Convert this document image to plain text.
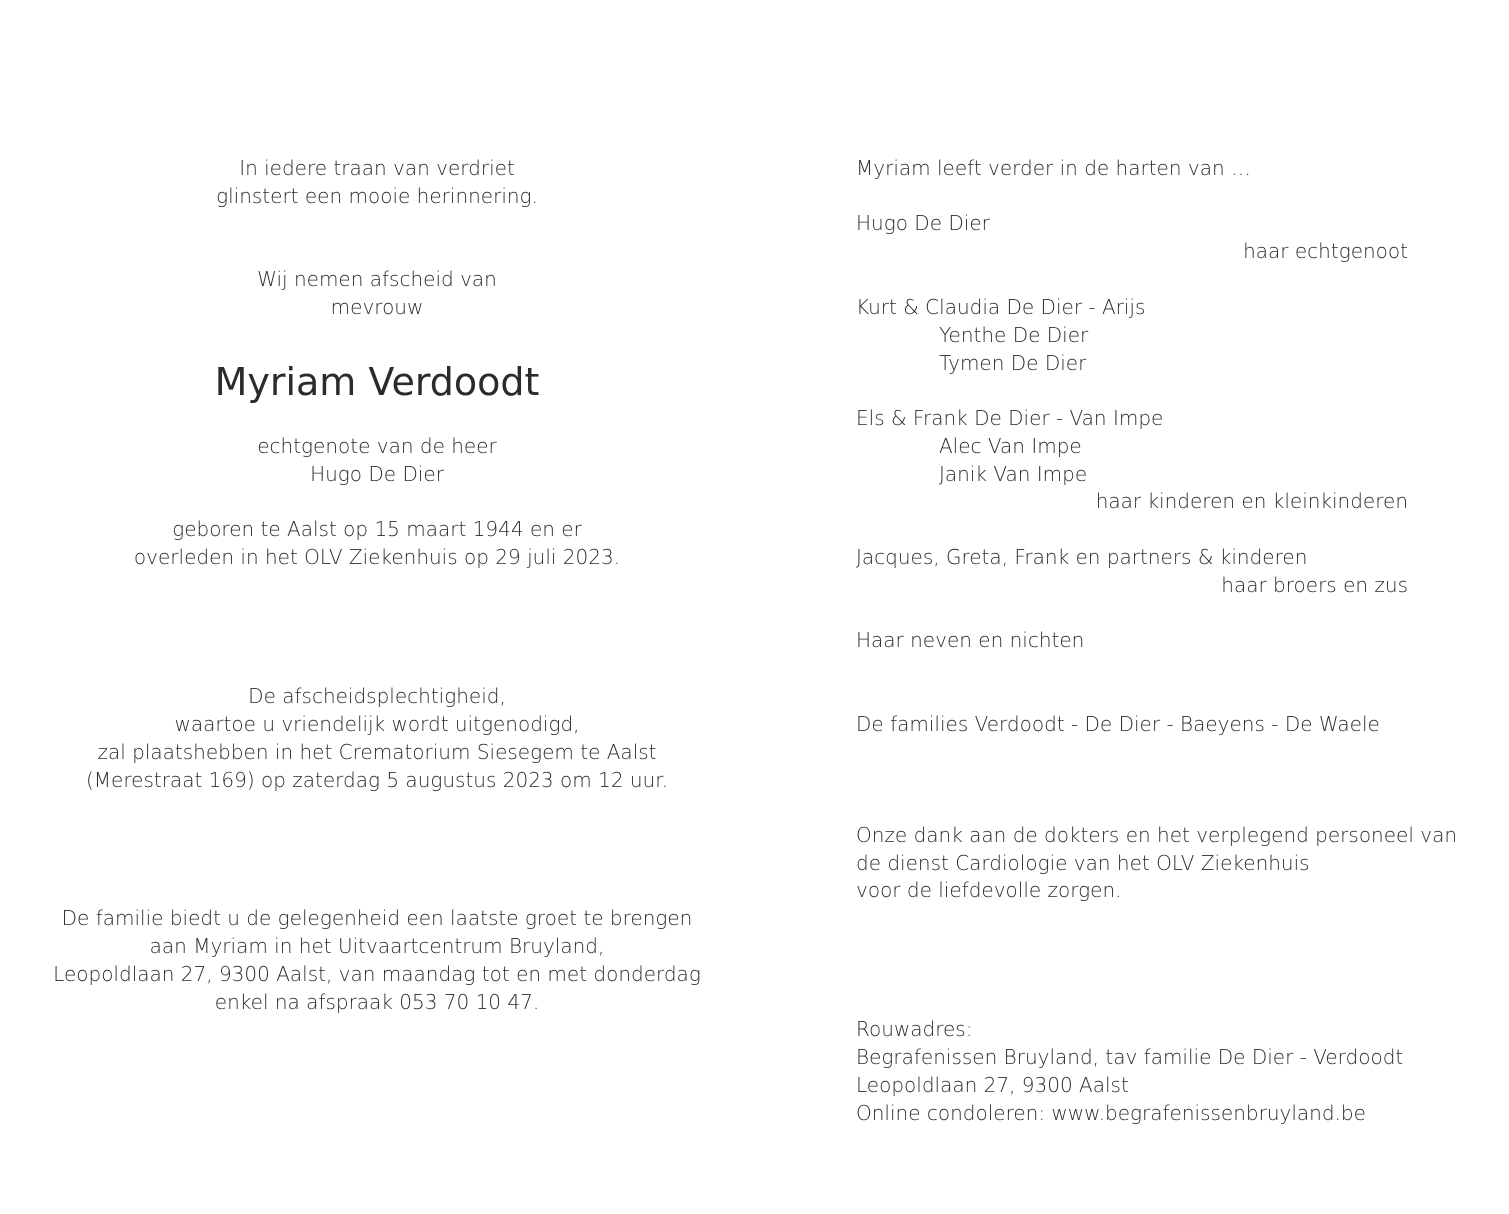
In iedere traan van verdriet
glinstert een mooie herinnering.
Wij nemen afscheid van
mevrouw
Myriam Verdoodt
echtgenote van de heer
Hugo De Dier
geboren te Aalst op 15 maart 1944 en er
overleden in het OLV Ziekenhuis op 29 juli 2023.
De afscheidsplechtigheid,
waartoe u vriendelijk wordt uitgenodigd,
zal plaatshebben in het Crematorium Siesegem te Aalst
(Merestraat 169) op zaterdag 5 augustus 2023 om 12 uur.
De familie biedt u de gelegenheid een laatste groet te brengen
aan Myriam in het Uitvaartcentrum Bruyland,
Leopoldlaan 27, 9300 Aalst, van maandag tot en met donderdag
enkel na afspraak 053 70 10 47.
Myriam leeft verder in de harten van …
Hugo De Dier
haar echtgenoot
Kurt & Claudia De Dier - Arijs
Yenthe De Dier
Tymen De Dier
Els & Frank De Dier - Van Impe
Alec Van Impe
Janik Van Impe
haar kinderen en kleinkinderen
Jacques, Greta, Frank en partners & kinderen
haar broers en zus
Haar neven en nichten
De families Verdoodt - De Dier - Baeyens - De Waele
Onze dank aan de dokters en het verplegend personeel van
de dienst Cardiologie van het OLV Ziekenhuis
voor de liefdevolle zorgen.
Rouwadres:
Begrafenissen Bruyland, tav familie De Dier - Verdoodt
Leopoldlaan 27, 9300 Aalst
Online condoleren: www.begrafenissenbruyland.be
